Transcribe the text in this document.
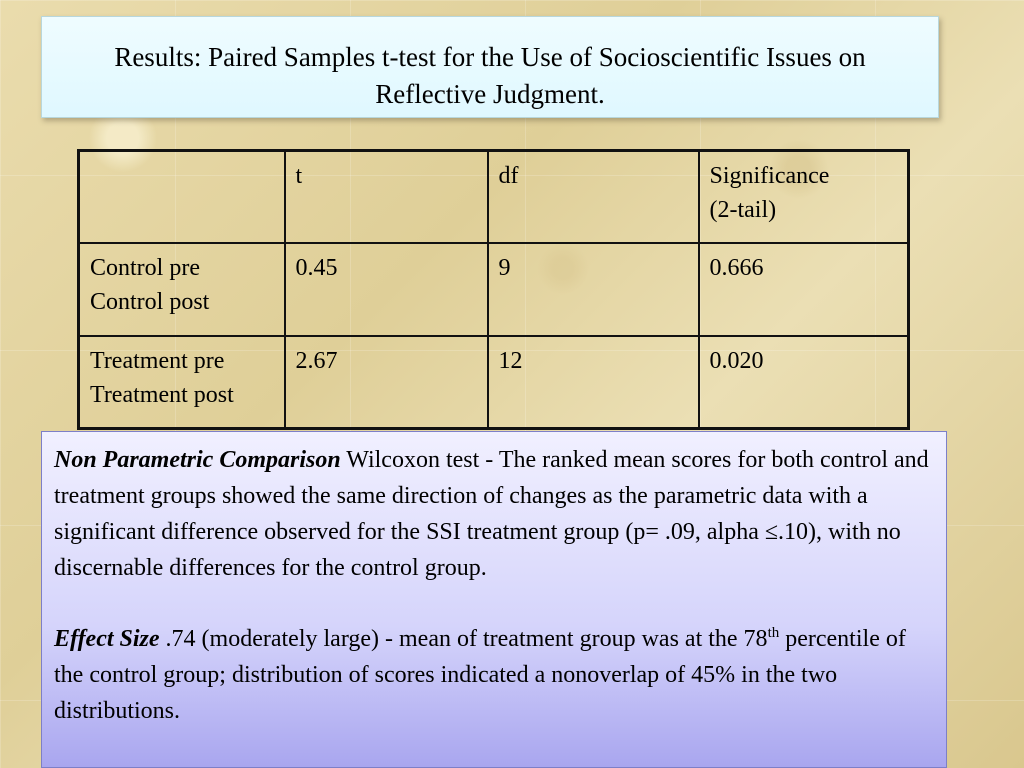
Results: Paired Samples t-test for the Use of Socioscientific Issues on Reflective Judgment.
	t	df	Significance
(2-tail)
Control pre
Control post	0.45	9	0.666
Treatment pre
Treatment post	2.67	12	0.020

Non Parametric Comparison Wilcoxon test - The ranked mean scores for both control and treatment groups showed the same direction of changes as the parametric data with a significant difference observed for the SSI treatment group (p= .09, alpha ≤.10), with no discernable differences for the control group.

Effect Size .74 (moderately large) - mean of treatment group was at the 78th percentile of the control group; distribution of scores indicated a nonoverlap of 45% in the two distributions.
